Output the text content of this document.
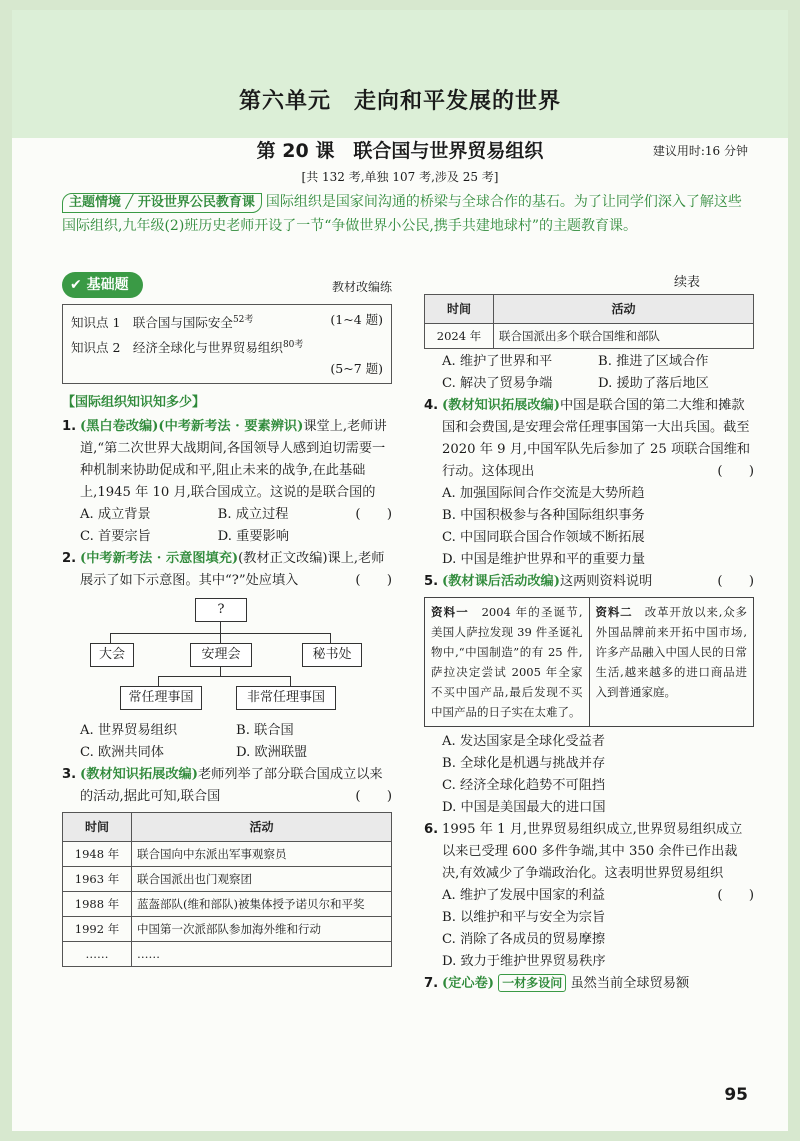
第六单元　走向和平发展的世界
第 20 课　联合国与世界贸易组织	建议用时:16 分钟
[共 132 考,单独 107 考,涉及 25 考]
主题情境 ╱ 开设世界公民教育课 国际组织是国家间沟通的桥梁与全球合作的基石。为了让同学们深入了解这些国际组织,九年级(2)班历史老师开设了一节“争做世界小公民,携手共建地球村”的主题教育课。
✔ 基础题	教材改编练
知识点 1　联合国与国际安全$^{52考}$	(1~4 题)
知识点 2　经济全球化与世界贸易组织$^{80考}$
(5~7 题)
【国际组织知识知多少】
1. (黑白卷改编)(中考新考法 · 要素辨识)课堂上,老师讲道,“第二次世界大战期间,各国领导人感到迫切需要一种机制来协助促成和平,阻止未来的战争,在此基础上,1945 年 10 月,联合国成立。这说的是联合国的
(　　)
A. 成立背景	B. 成立过程
C. 首要宗旨	D. 重要影响
2. (中考新考法 · 示意图填充)(教材正文改编)课上,老师展示了如下示意图。其中“?”处应填入	(　　)
?
大会	安理会	秘书处
常任理事国	非常任理事国
A. 世界贸易组织	B. 联合国
C. 欧洲共同体	D. 欧洲联盟
3. (教材知识拓展改编)老师列举了部分联合国成立以来的活动,据此可知,联合国	(　　)
时间	活动
1948 年	联合国向中东派出军事观察员
1963 年	联合国派出也门观察团
1988 年	蓝盔部队(维和部队)被集体授予诺贝尔和平奖
1992 年	中国第一次派部队参加海外维和行动
……	……
续表
时间	活动
2024 年	联合国派出多个联合国维和部队
A. 维护了世界和平	B. 推进了区域合作
C. 解决了贸易争端	D. 援助了落后地区
4. (教材知识拓展改编)中国是联合国的第二大维和摊款国和会费国,是安理会常任理事国第一大出兵国。截至 2020 年 9 月,中国军队先后参加了 25 项联合国维和行动。这体现出	(　　)
A. 加强国际间合作交流是大势所趋
B. 中国积极参与各种国际组织事务
C. 中国同联合国合作领域不断拓展
D. 中国是维护世界和平的重要力量
5. (教材课后活动改编)这两则资料说明	(　　)
资料一　 2004 年的圣诞节,美国人萨拉发现 39 件圣诞礼物中,“中国制造”的有 25 件,萨拉决定尝试 2005 年全家不买中国产品,最后发现不买中国产品的日子实在太难了。
资料二　 改革开放以来,众多外国品牌前来开拓中国市场,许多产品融入中国人民的日常生活,越来越多的进口商品进入到普通家庭。
A. 发达国家是全球化受益者
B. 全球化是机遇与挑战并存
C. 经济全球化趋势不可阻挡
D. 中国是美国最大的进口国
6. 1995 年 1 月,世界贸易组织成立,世界贸易组织成立以来已受理 600 多件争端,其中 350 余件已作出裁决,有效减少了争端政治化。这表明世界贸易组织
(　　)
A. 维护了发展中国家的利益
B. 以维护和平与安全为宗旨
C. 消除了各成员的贸易摩擦
D. 致力于维护世界贸易秩序
7. (定心卷) 一材多设问 虽然当前全球贸易额
95
